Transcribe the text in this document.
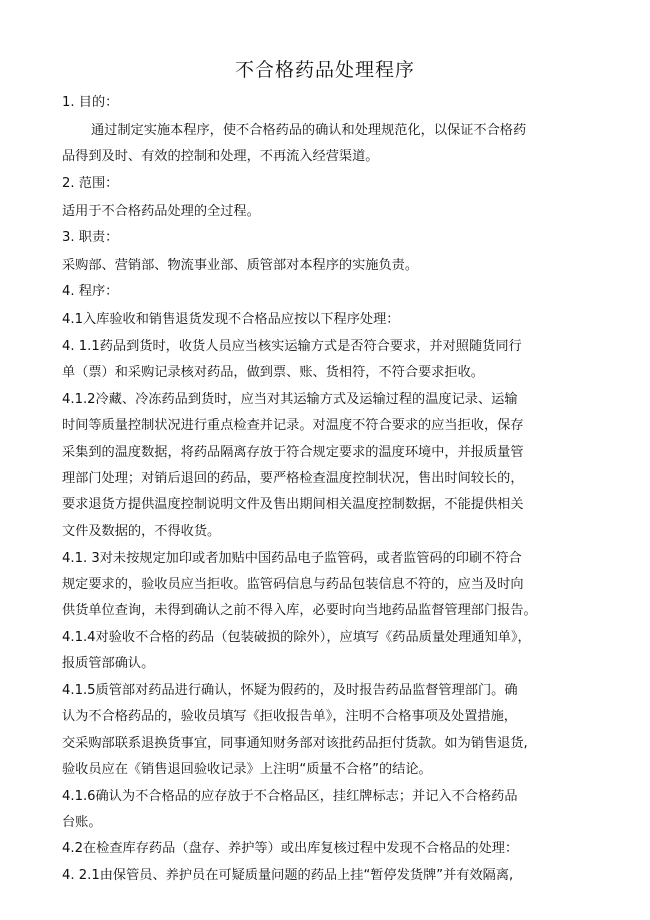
不合格药品处理程序
1. 目的：
通过制定实施本程序，使不合格药品的确认和处理规范化，以保证不合格药
品得到及时、有效的控制和处理，不再流入经营渠道。
2. 范围：
适用于不合格药品处理的全过程。
3. 职责：
采购部、营销部、物流事业部、质管部对本程序的实施负责。
4. 程序：
4.1入库验收和销售退货发现不合格品应按以下程序处理：
4. 1.1药品到货时，收货人员应当核实运输方式是否符合要求，并对照随货同行
单（票）和采购记录核对药品，做到票、账、货相符，不符合要求拒收。
4.1.2冷藏、冷冻药品到货时，应当对其运输方式及运输过程的温度记录、运输
时间等质量控制状况进行重点检查并记录。对温度不符合要求的应当拒收，保存
采集到的温度数据，将药品隔离存放于符合规定要求的温度环境中，并报质量管
理部门处理；对销后退回的药品，要严格检查温度控制状况，售出时间较长的，
要求退货方提供温度控制说明文件及售出期间相关温度控制数据，不能提供相关
文件及数据的，不得收货。
4.1. 3对未按规定加印或者加贴中国药品电子监管码，或者监管码的印刷不符合
规定要求的，验收员应当拒收。监管码信息与药品包装信息不符的，应当及时向
供货单位查询，未得到确认之前不得入库，必要时向当地药品监督管理部门报告。
4.1.4对验收不合格的药品（包装破损的除外），应填写《药品质量处理通知单》，
报质管部确认。
4.1.5质管部对药品进行确认，怀疑为假药的，及时报告药品监督管理部门。确
认为不合格药品的，验收员填写《拒收报告单》，注明不合格事项及处置措施，
交采购部联系退换货事宜，同事通知财务部对该批药品拒付货款。如为销售退货,
验收员应在《销售退回验收记录》上注明“质量不合格”的结论。
4.1.6确认为不合格品的应存放于不合格品区，挂红牌标志；并记入不合格药品
台账。
4.2在检查库存药品（盘存、养护等）或出库复核过程中发现不合格品的处理：
4. 2.1由保管员、养护员在可疑质量问题的药品上挂“暂停发货牌”并有效隔离,
